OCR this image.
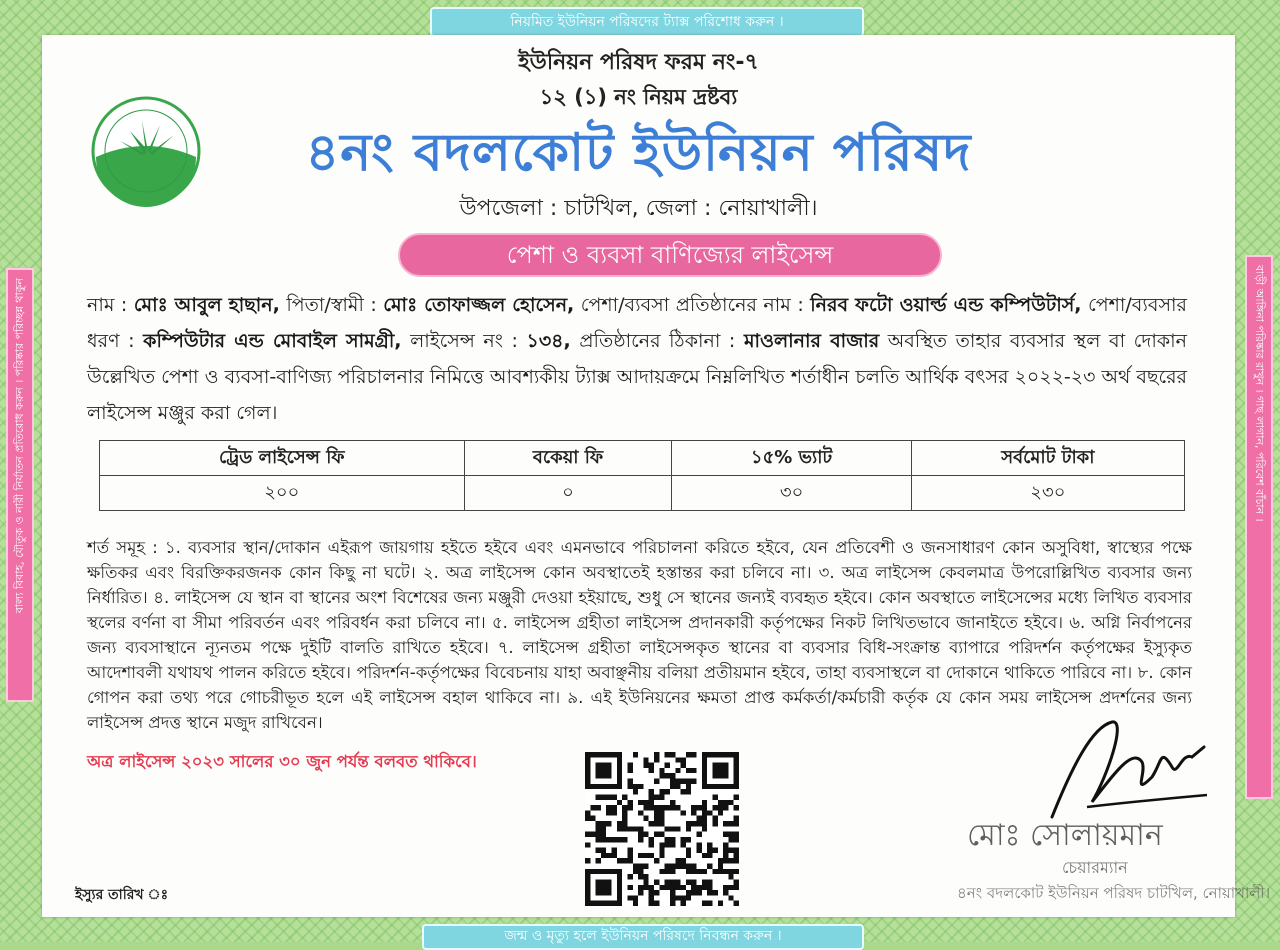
নিয়মিত ইউনিয়ন পরিষদের ট্যাক্স পরিশোধ করুন ।
বাল্য বিবাহ, যৌতুক ও নারী নির্যাতন প্রতিরোধ করুন । পরিষ্কার পরিচ্ছন্ন থাকুন	বাড়ী আঙ্গিনা পরিষ্কার রাখুন । গাছ লাগান, পরিবেশ বাঁচান ।
জন্ম ও মৃত্যু হলে ইউনিয়ন পরিষদে নিবন্ধন করুন ।
ইউনিয়ন পরিষদ ফরম নং-৭
১২ (১) নং নিয়ম দ্রষ্টব্য
৪নং বদলকোট ইউনিয়ন পরিষদ
উপজেলা : চাটখিল, জেলা : নোয়াখালী।
পেশা ও ব্যবসা বাণিজ্যের লাইসেন্স
নাম : মোঃ আবুল হাছান, পিতা/স্বামী : মোঃ তোফাজ্জল হোসেন, পেশা/ব্যবসা প্রতিষ্ঠানের নাম : নিরব ফটো ওয়ার্ল্ড এন্ড কম্পিউটার্স, পেশা/ব্যবসার ধরণ : কম্পিউটার এন্ড মোবাইল সামগ্রী, লাইসেন্স নং : ১৩৪, প্রতিষ্ঠানের ঠিকানা : মাওলানার বাজার অবস্থিত তাহার ব্যবসার স্থল বা দোকান উল্লেখিত পেশা ও ব্যবসা-বাণিজ্য পরিচালনার নিমিত্তে আবশ্যকীয় ট্যাক্স আদায়ক্রমে নিম্নলিখিত শর্তাধীন চলতি আর্থিক বৎসর ২০২২-২৩ অর্থ বছরের লাইসেন্স মঞ্জুর করা গেল।
ট্রেড লাইসেন্স ফি	বকেয়া ফি	১৫% ভ্যাট	সর্বমোট টাকা
২০০	০	৩০	২৩০
শর্ত সমূহ : ১. ব্যবসার স্থান/দোকান এইরূপ জায়গায় হইতে হইবে এবং এমনভাবে পরিচালনা করিতে হইবে, যেন প্রতিবেশী ও জনসাধারণ কোন অসুবিধা, স্বাস্থ্যের পক্ষে ক্ষতিকর এবং বিরক্তিকরজনক কোন কিছু না ঘটে। ২. অত্র লাইসেন্স কোন অবস্থাতেই হস্তান্তর করা চলিবে না। ৩. অত্র লাইসেন্স কেবলমাত্র উপরোল্লিখিত ব্যবসার জন্য নির্ধারিত। ৪. লাইসেন্স যে স্থান বা স্থানের অংশ বিশেষের জন্য মঞ্জুরী দেওয়া হইয়াছে, শুধু সে স্থানের জন্যই ব্যবহৃত হইবে। কোন অবস্থাতে লাইসেন্সের মধ্যে লিখিত ব্যবসার স্থলের বর্ণনা বা সীমা পরিবর্তন এবং পরিবর্ধন করা চলিবে না। ৫. লাইসেন্স গ্রহীতা লাইসেন্স প্রদানকারী কর্তৃপক্ষের নিকট লিখিতভাবে জানাইতে হইবে। ৬. অগ্নি নির্বাপনের জন্য ব্যবসাস্থানে ন্যূনতম পক্ষে দুইটি বালতি রাখিতে হইবে। ৭. লাইসেন্স গ্রহীতা লাইসেন্সকৃত স্থানের বা ব্যবসার বিধি-সংক্রান্ত ব্যাপারে পরিদর্শন কর্তৃপক্ষের ইস্যুকৃত আদেশাবলী যথাযথ পালন করিতে হইবে। পরিদর্শন-কর্তৃপক্ষের বিবেচনায় যাহা অবাঞ্ছনীয় বলিয়া প্রতীয়মান হইবে, তাহা ব্যবসাস্থলে বা দোকানে থাকিতে পারিবে না। ৮. কোন গোপন করা তথ্য পরে গোচরীভূত হলে এই লাইসেন্স বহাল থাকিবে না। ৯. এই ইউনিয়নের ক্ষমতা প্রাপ্ত কর্মকর্তা/কর্মচারী কর্তৃক যে কোন সময় লাইসেন্স প্রদর্শনের জন্য লাইসেন্স প্রদত্ত স্থানে মজুদ রাখিবেন।
অত্র লাইসেন্স ২০২৩ সালের ৩০ জুন পর্যন্ত বলবত থাকিবে।
ইস্যুর তারিখ ঃ
মোঃ সোলায়মান
চেয়ারম্যান
৪নং বদলকোট ইউনিয়ন পরিষদ চাটখিল, নোয়াখালী।
